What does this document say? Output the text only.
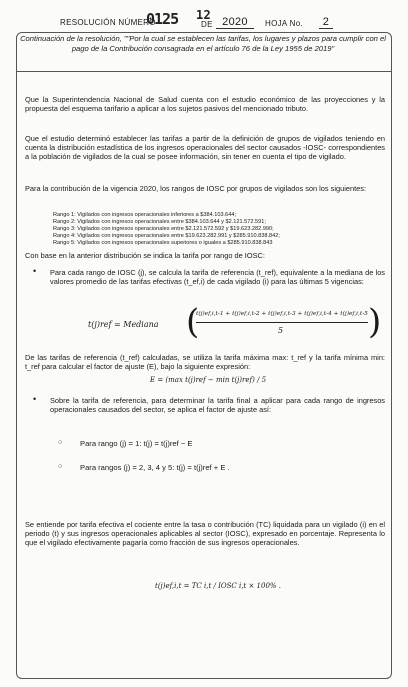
RESOLUCIÓN NÚMERO
0125 12
DE 2020	HOJA No.	2
Continuación de la resolución, ""Por la cual se establecen las tarifas, los lugares y plazos para cumplir con el pago de la Contribución consagrada en el artículo 76 de la Ley 1955 de 2019"
Que la Superintendencia Nacional de Salud cuenta con el estudio económico de las proyecciones y la propuesta del esquema tarifario a aplicar a los sujetos pasivos del mencionado tributo.
Que el estudio determinó establecer las tarifas a partir de la definición de grupos de vigilados teniendo en cuenta la distribución estadística de los ingresos operacionales del sector causados -IOSC- correspondientes a la población de vigilados de la cual se posee información, sin tener en cuenta el tipo de vigilado.
Para la contribución de la vigencia 2020, los rangos de IOSC por grupos de vigilados son los siguientes:
Rango 1: Vigilados con ingresos operacionales inferiores a $384.103.644;
Rango 2: Vigilados con ingresos operacionales entre $384.103.644 y $2.121.572.591;
Rango 3: Vigilados con ingresos operacionales entre $2.121.572.592 y $19.623.282.990;
Rango 4: Vigilados con ingresos operacionales entre $19.623.282.991 y $285.910.838.842;
Rango 5: Vigilados con ingresos operacionales superiores o iguales a $285.910.838.843
Con base en la anterior distribución se indica la tarifa por rango de IOSC:
• Para cada rango de IOSC (j), se calcula la tarifa de referencia (t_ref), equivalente a la mediana de los valores promedio de las tarifas efectivas (t_ef,i) de cada vigilado (i) para las últimas 5 vigencias:
t(j)ref = Mediana (
t(j)ef,i,t-1 + t(j)ef,i,t-2 + t(j)ef,i,t-3 + t(j)ef,i,t-4 + t(j)ef,i,t-5
5 )
De las tarifas de referencia (t_ref) calculadas, se utiliza la tarifa máxima max: t_ref y la tarifa mínima min: t_ref para calcular el factor de ajuste (E), bajo la siguiente expresión:
E = (max t(j)ref − min t(j)ref) / 5
• Sobre la tarifa de referencia, para determinar la tarifa final a aplicar para cada rango de ingresos operacionales causados del sector, se aplica el factor de ajuste así:
○ Para rango (j) = 1: t(j) = t(j)ref − E
○ Para rangos (j) = 2, 3, 4 y 5: t(j) = t(j)ref + E .
Se entiende por tarifa efectiva el cociente entre la tasa o contribución (TC) liquidada para un vigilado (i) en el periodo (t) y sus ingresos operacionales aplicables al sector (IOSC), expresado en porcentaje. Representa lo que el vigilado efectivamente pagaría como fracción de sus ingresos operacionales.
t(j)ef,i,t = TC i,t / IOSC i,t × 100% .
